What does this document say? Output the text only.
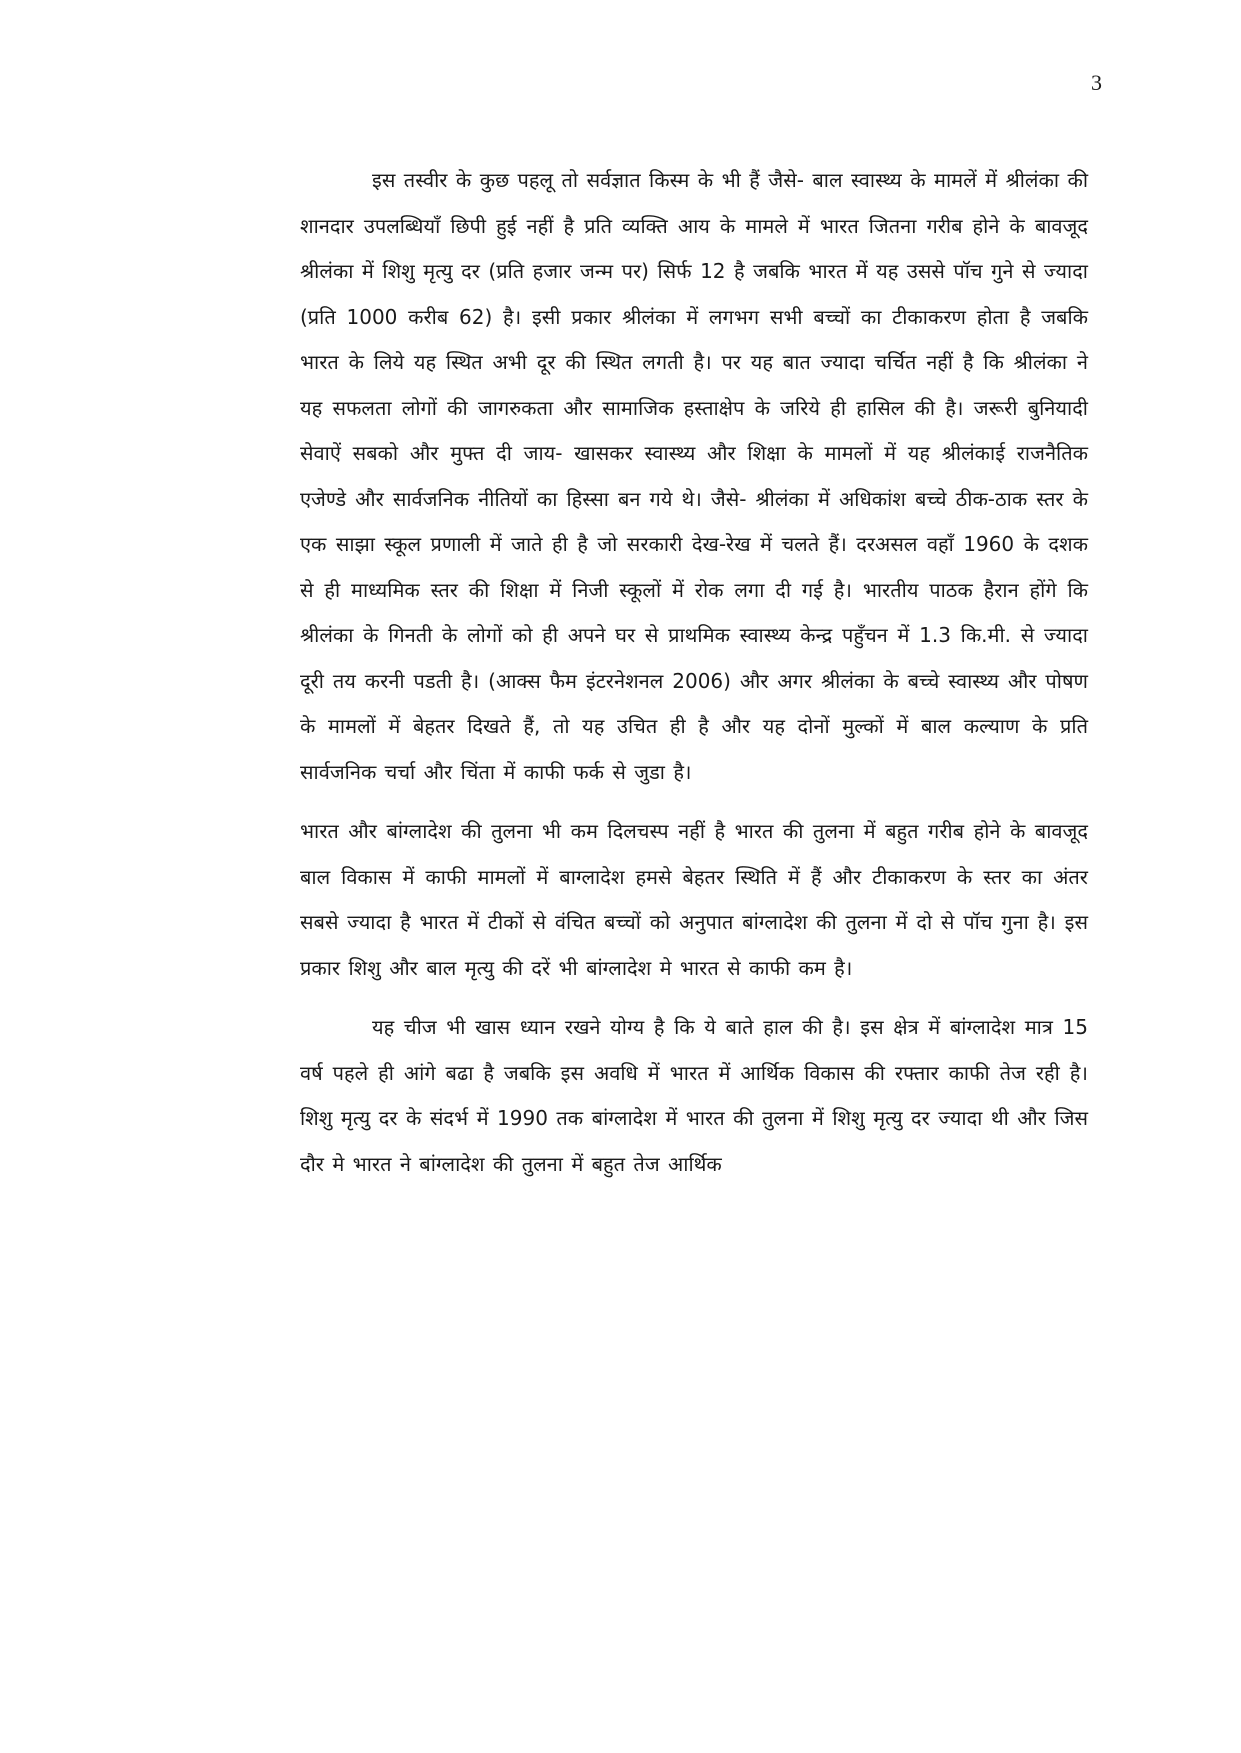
3

इस तस्वीर के कुछ पहलू तो सर्वज्ञात किस्म के भी हैं जैसे- बाल स्वास्थ्य के मामलें में श्रीलंका की शानदार उपलब्धियाँ छिपी हुई नहीं है प्रति व्यक्ति आय के मामले में भारत जितना गरीब होने के बावजूद श्रीलंका में शिशु मृत्यु दर (प्रति हजार जन्म पर) सिर्फ 12 है जबकि भारत में यह उससे पॉच गुने से ज्यादा (प्रति 1000 करीब 62) है। इसी प्रकार श्रीलंका में लगभग सभी बच्चों का टीकाकरण होता है जबकि भारत के लिये यह स्थित अभी दूर की स्थित लगती है। पर यह बात ज्यादा चर्चित नहीं है कि श्रीलंका ने यह सफलता लोगों की जागरुकता और सामाजिक हस्ताक्षेप के जरिये ही हासिल की है। जरूरी बुनियादी सेवाऐं सबको और मुफ्त दी जाय- खासकर स्वास्थ्य और शिक्षा के मामलों में यह श्रीलंकाई राजनैतिक एजेण्डे और सार्वजनिक नीतियों का हिस्सा बन गये थे। जैसे- श्रीलंका में अधिकांश बच्चे ठीक-ठाक स्तर के एक साझा स्कूल प्रणाली में जाते ही है जो सरकारी देख-रेख में चलते हैं। दरअसल वहाँ 1960 के दशक से ही माध्यमिक स्तर की शिक्षा में निजी स्कूलों में रोक लगा दी गई है। भारतीय पाठक हैरान होंगे कि श्रीलंका के गिनती के लोगों को ही अपने घर से प्राथमिक स्वास्थ्य केन्द्र पहुँचन में 1.3 कि.मी. से ज्यादा दूरी तय करनी पडती है। (आक्स फैम इंटरनेशनल 2006) और अगर श्रीलंका के बच्चे स्वास्थ्य और पोषण के मामलों में बेहतर दिखते हैं, तो यह उचित ही है और यह दोनों मुल्कों में बाल कल्याण के प्रति सार्वजनिक चर्चा और चिंता में काफी फर्क से जुडा है।

भारत और बांग्लादेश की तुलना भी कम दिलचस्प नहीं है भारत की तुलना में बहुत गरीब होने के बावजूद बाल विकास में काफी मामलों में बाग्लादेश हमसे बेहतर स्थिति में हैं और टीकाकरण के स्तर का अंतर सबसे ज्यादा है भारत में टीकों से वंचित बच्चों को अनुपात बांग्लादेश की तुलना में दो से पॉच गुना है। इस प्रकार शिशु और बाल मृत्यु की दरें भी बांग्लादेश मे भारत से काफी कम है।

यह चीज भी खास ध्यान रखने योग्य है कि ये बाते हाल की है। इस क्षेत्र में बांग्लादेश मात्र 15 वर्ष पहले ही आंगे बढा है जबकि इस अवधि में भारत में आर्थिक विकास की रफ्तार काफी तेज रही है। शिशु मृत्यु दर के संदर्भ में 1990 तक बांग्लादेश में भारत की तुलना में शिशु मृत्यु दर ज्यादा थी और जिस दौर मे भारत ने बांग्लादेश की तुलना में बहुत तेज आर्थिक
